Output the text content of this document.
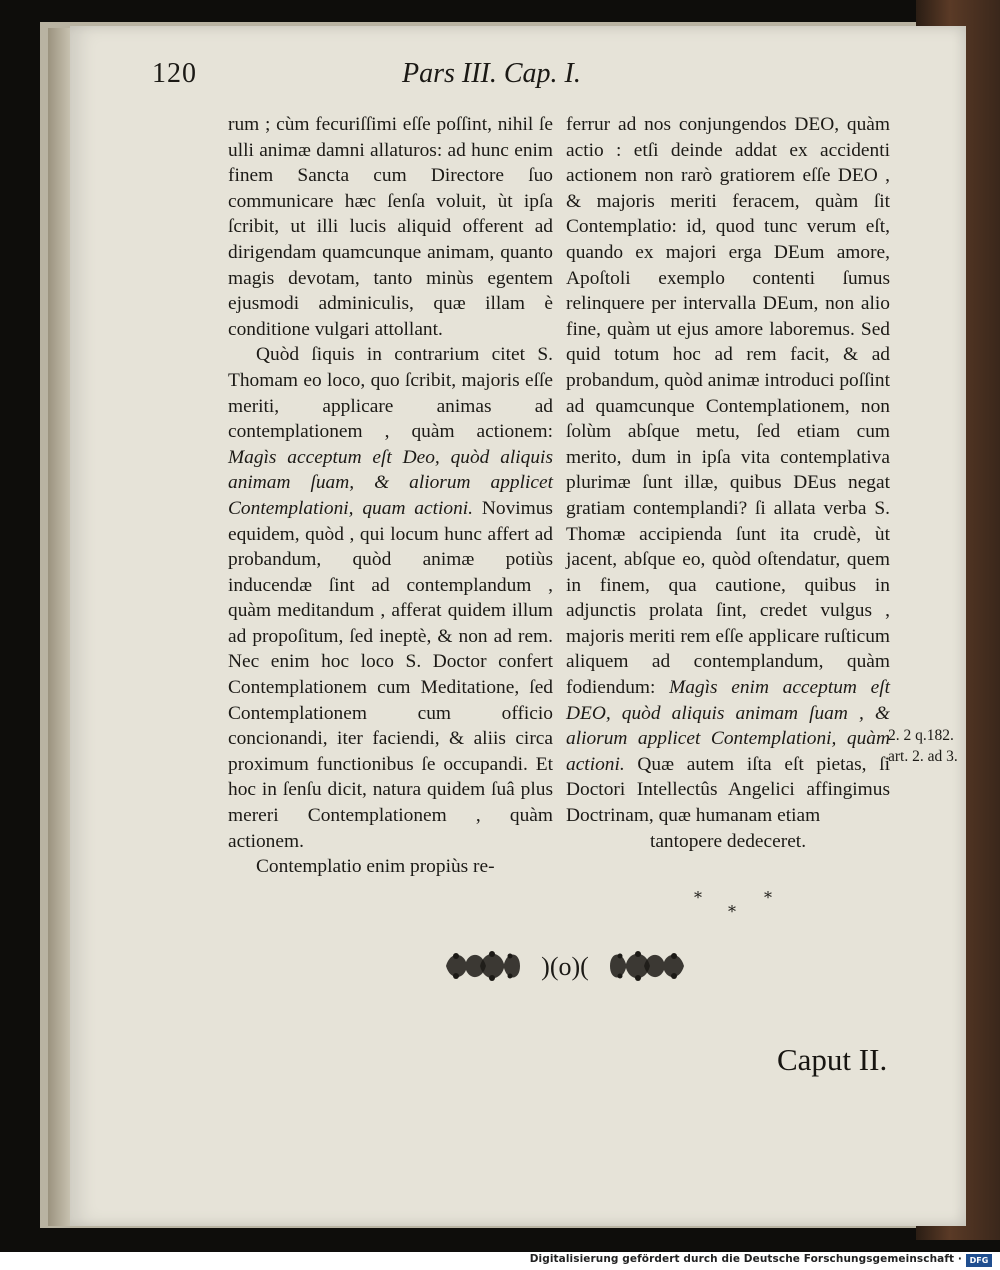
120	Pars III. Cap. I.

rum ; cùm fecuriſſimi eſſe poſſint, nihil ſe ulli animæ damni allaturos: ad hunc enim finem Sancta cum Directore ſuo communicare hæc ſenſa voluit, ùt ipſa ſcribit, ut illi lucis aliquid offerent ad dirigendam quamcunque animam, quanto magis devotam, tanto minùs egentem ejusmodi adminiculis, quæ illam è conditione vulgari attollant.

Quòd ſiquis in contrarium citet S. Thomam eo loco, quo ſcribit, majoris eſſe meriti, applicare animas ad contemplationem , quàm actionem: Magìs acceptum eſt Deo, quòd aliquis animam ſuam, & aliorum applicet Contemplationi, quam actioni. Novimus equidem, quòd , qui locum hunc affert ad probandum, quòd animæ potiùs inducendæ ſint ad contemplandum , quàm meditandum , afferat quidem illum ad propoſitum, ſed ineptè, & non ad rem. Nec enim hoc loco S. Doctor confert Contemplationem cum Meditatione, ſed Contemplationem cum officio concionandi, iter faciendi, & aliis circa proximum functionibus ſe occupandi. Et hoc in ſenſu dicit, natura quidem ſuâ plus mereri Contemplationem , quàm actionem.

Contemplatio enim propiùs re-

ferrur ad nos conjungendos DEO, quàm actio : etſi deinde addat ex accidenti actionem non rarò gratiorem eſſe DEO , & majoris meriti feracem, quàm ſit Contemplatio: id, quod tunc verum eſt, quando ex majori erga DEum amore, Apoſtoli exemplo contenti ſumus relinquere per intervalla DEum, non alio fine, quàm ut ejus amore laboremus. Sed quid totum hoc ad rem facit, & ad probandum, quòd animæ introduci poſſint ad quamcunque Contemplationem, non ſolùm abſque metu, ſed etiam cum merito, dum in ipſa vita contemplativa plurimæ ſunt illæ, quibus DEus negat gratiam contemplandi? ſi allata verba S. Thomæ accipienda ſunt ita crudè, ùt jacent, abſque eo, quòd oſtendatur, quem in finem, qua cautione, quibus in adjunctis prolata ſint, credet vulgus , majoris meriti rem eſſe applicare ruſticum aliquem ad contemplandum, quàm fodiendum: Magìs enim acceptum eſt DEO, quòd aliquis animam ſuam , & aliorum applicet Contemplationi, quàm actioni. Quæ autem iſta eſt pietas, ſi Doctori Intellectûs Angelici affingimus Doctrinam, quæ humanam etiam

tantopere dedeceret.

2. 2 q.182.
art. 2. ad 3.
*	*
*
)(o)(
Caput II.
Digitalisierung gefördert durch die Deutsche Forschungsgemeinschaft · DFG
